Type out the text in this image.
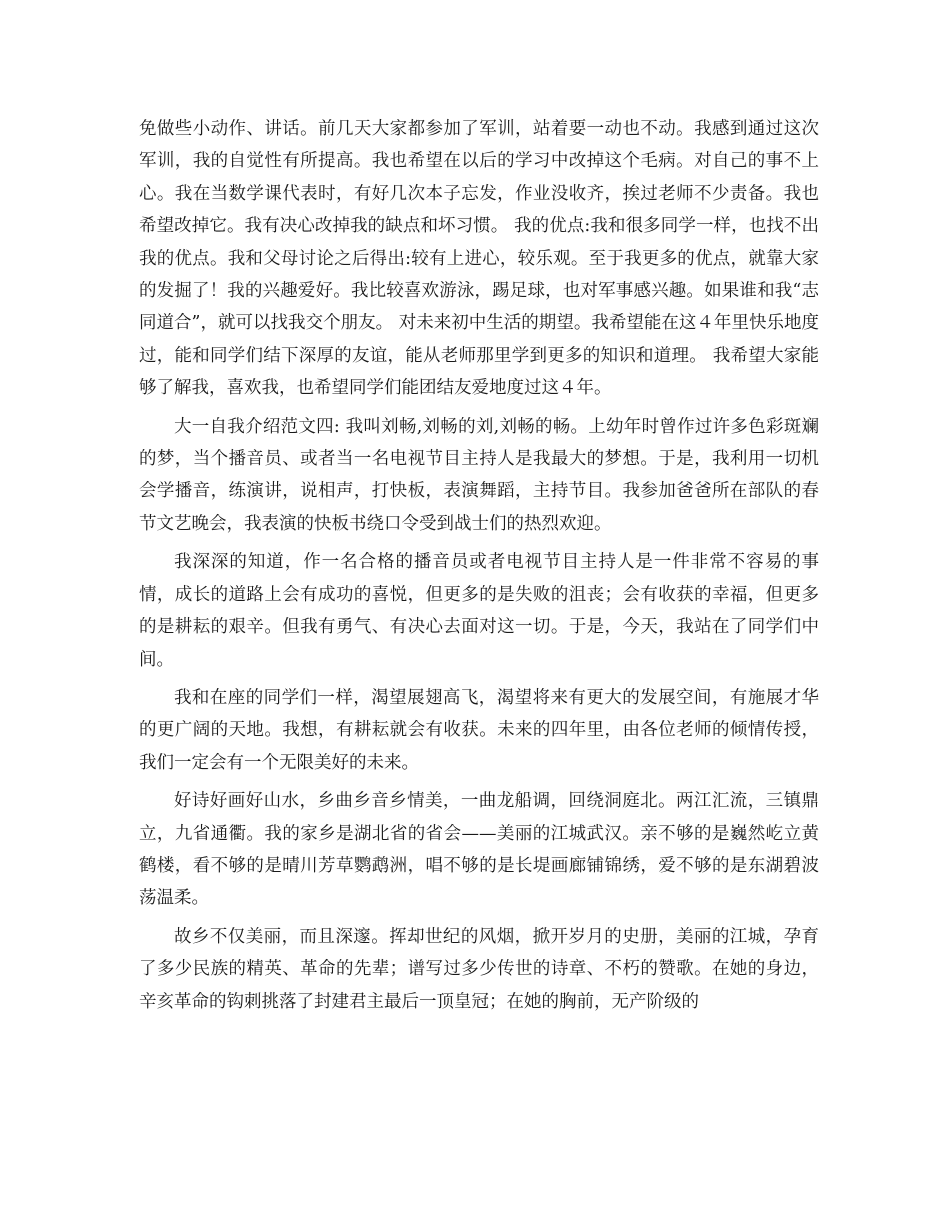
免做些小动作、讲话。前几天大家都参加了军训，站着要一动也不动。我感到通过这次军训，我的自觉性有所提高。我也希望在以后的学习中改掉这个毛病。对自己的事不上心。我在当数学课代表时，有好几次本子忘发，作业没收齐，挨过老师不少责备。我也希望改掉它。我有决心改掉我的缺点和坏习惯。 我的优点:我和很多同学一样，也找不出我的优点。我和父母讨论之后得出:较有上进心，较乐观。至于我更多的优点，就靠大家的发掘了！我的兴趣爱好。我比较喜欢游泳，踢足球，也对军事感兴趣。如果谁和我“志同道合”，就可以找我交个朋友。 对未来初中生活的期望。我希望能在这４年里快乐地度过，能和同学们结下深厚的友谊，能从老师那里学到更多的知识和道理。 我希望大家能够了解我，喜欢我，也希望同学们能团结友爱地度过这４年。

大一自我介绍范文四: 我叫刘畅,刘畅的刘,刘畅的畅。上幼年时曾作过许多色彩斑斓的梦，当个播音员、或者当一名电视节目主持人是我最大的梦想。于是，我利用一切机会学播音，练演讲，说相声，打快板，表演舞蹈，主持节目。我参加爸爸所在部队的春节文艺晚会，我表演的快板书绕口令受到战士们的热烈欢迎。

我深深的知道，作一名合格的播音员或者电视节目主持人是一件非常不容易的事情，成长的道路上会有成功的喜悦，但更多的是失败的沮丧；会有收获的幸福，但更多的是耕耘的艰辛。但我有勇气、有决心去面对这一切。于是，今天，我站在了同学们中间。

我和在座的同学们一样，渴望展翅高飞，渴望将来有更大的发展空间，有施展才华的更广阔的天地。我想，有耕耘就会有收获。未来的四年里，由各位老师的倾情传授，我们一定会有一个无限美好的未来。

好诗好画好山水，乡曲乡音乡情美，一曲龙船调，回绕洞庭北。两江汇流，三镇鼎立，九省通衢。我的家乡是湖北省的省会——美丽的江城武汉。亲不够的是巍然屹立黄鹤楼，看不够的是晴川芳草鹦鹉洲，唱不够的是长堤画廊铺锦绣，爱不够的是东湖碧波荡温柔。

故乡不仅美丽，而且深邃。挥却世纪的风烟，掀开岁月的史册，美丽的江城，孕育了多少民族的精英、革命的先辈；谱写过多少传世的诗章、不朽的赞歌。在她的身边，辛亥革命的钩刺挑落了封建君主最后一顶皇冠；在她的胸前，无产阶级的
